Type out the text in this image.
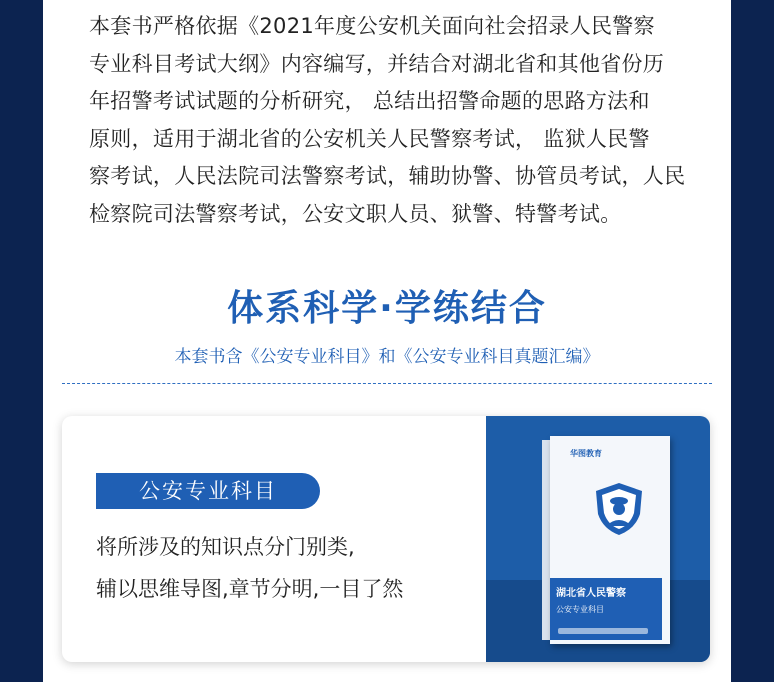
本套书严格依据《2021年度公安机关面向社会招录人民警察
专业科目考试大纲》内容编写，并结合对湖北省和其他省份历
年招警考试试题的分析研究， 总结出招警命题的思路方法和
原则，适用于湖北省的公安机关人民警察考试， 监狱人民警
察考试，人民法院司法警察考试，辅助协警、协管员考试，人民
检察院司法警察考试，公安文职人员、狱警、特警考试。
体系科学·学练结合
本套书含《公安专业科目》和《公安专业科目真题汇编》
公安专业科目
将所涉及的知识点分门别类,
辅以思维导图,章节分明,一目了然
华图教育
湖北省人民警察
公安专业科目
